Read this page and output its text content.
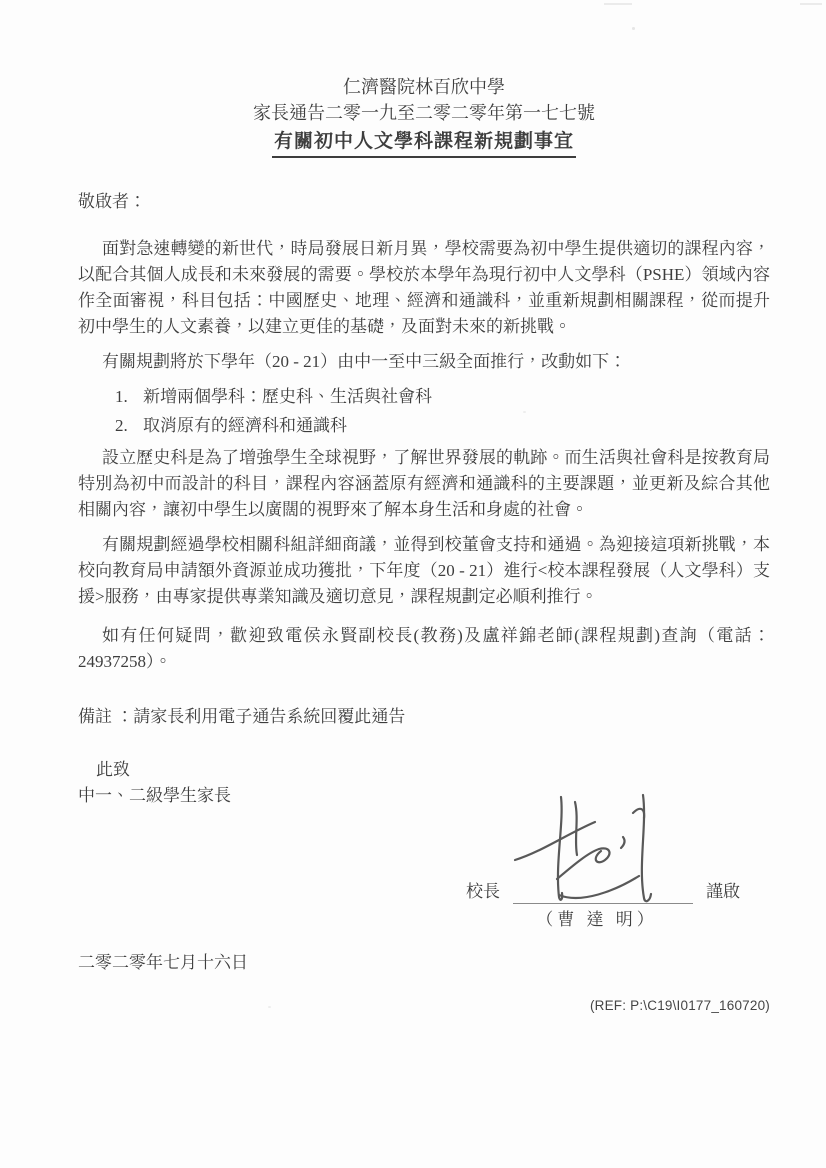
仁濟醫院林百欣中學
家長通告二零一九至二零二零年第一七七號
有關初中人文學科課程新規劃事宜
敬啟者：

面對急速轉變的新世代，時局發展日新月異，學校需要為初中學生提供適切的課程內容，以配合其個人成長和未來發展的需要。學校於本學年為現行初中人文學科（PSHE）領域內容作全面審視，科目包括：中國歷史、地理、經濟和通識科，並重新規劃相關課程，從而提升初中學生的人文素養，以建立更佳的基礎，及面對未來的新挑戰。

有關規劃將於下學年（20 - 21）由中一至中三級全面推行，改動如下：

1. 新增兩個學科：歷史科、生活與社會科
2. 取消原有的經濟科和通識科

設立歷史科是為了增強學生全球視野，了解世界發展的軌跡。而生活與社會科是按教育局特別為初中而設計的科目，課程內容涵蓋原有經濟和通識科的主要課題，並更新及綜合其他相關內容，讓初中學生以廣闊的視野來了解本身生活和身處的社會。

有關規劃經過學校相關科組詳細商議，並得到校董會支持和通過。為迎接這項新挑戰，本校向教育局申請額外資源並成功獲批，下年度（20 - 21）進行<校本課程發展（人文學科）支援>服務，由專家提供專業知識及適切意見，課程規劃定必順利推行。

如有任何疑問，歡迎致電侯永賢副校長(教務)及盧祥錦老師(課程規劃)查詢（電話：24937258）。

備註 ：請家長利用電子通告系統回覆此通告
此致
中一、二級學生家長
校長	謹啟
（曹 達 明）
二零二零年七月十六日
(REF: P:\C19\I0177_160720)
